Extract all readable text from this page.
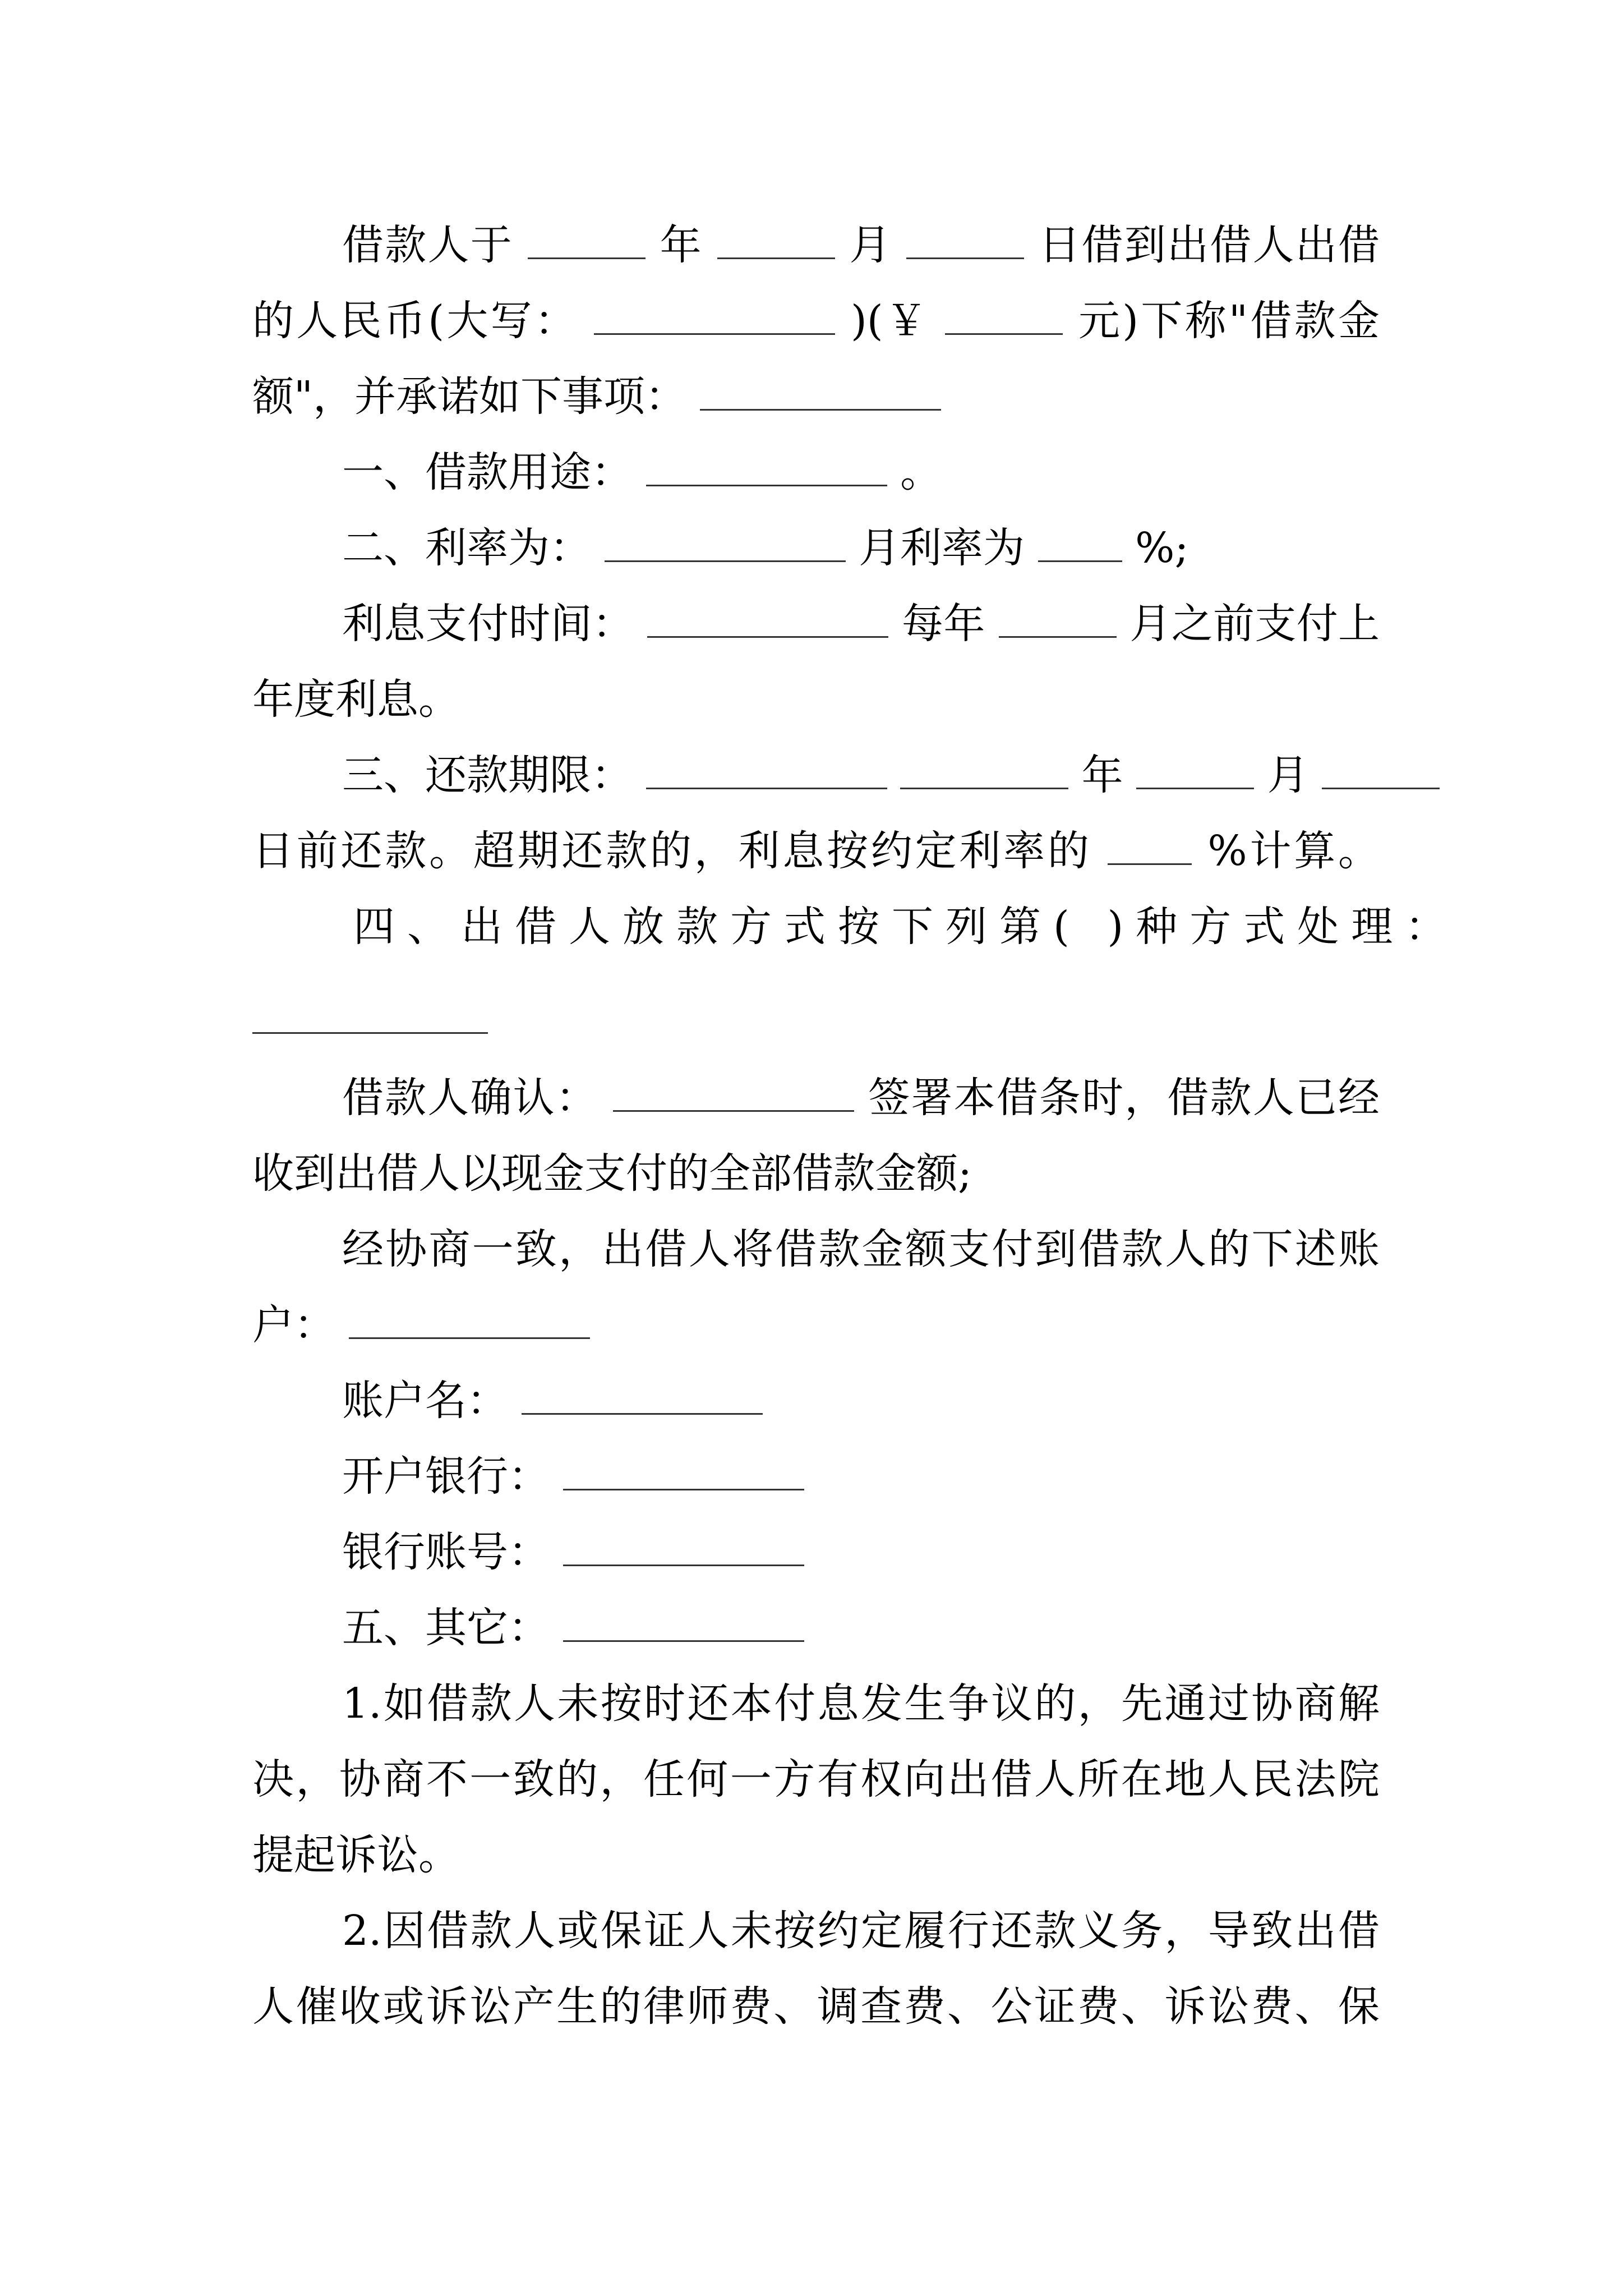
借款人于	年	月	日借到出借人出借
的人民币(大写：	)(￥	元)下称"借款金
额"，并承诺如下事项：
一、借款用途：	。
二、利率为：	月利率为	%;
利息支付时间：	每年	月之前支付上
年度利息。
三、还款期限：	年	月
日前还款。超期还款的，利息按约定利率的	%计算。
四、出借人放款方式按下列第( )种方式处理：
借款人确认：	签署本借条时，借款人已经
收到出借人以现金支付的全部借款金额;
经协商一致，出借人将借款金额支付到借款人的下述账
户：
账户名：
开户银行：
银行账号：
五、其它：
1.如借款人未按时还本付息发生争议的，先通过协商解
决，协商不一致的，任何一方有权向出借人所在地人民法院
提起诉讼。
2.因借款人或保证人未按约定履行还款义务，导致出借
人催收或诉讼产生的律师费、调查费、公证费、诉讼费、保
